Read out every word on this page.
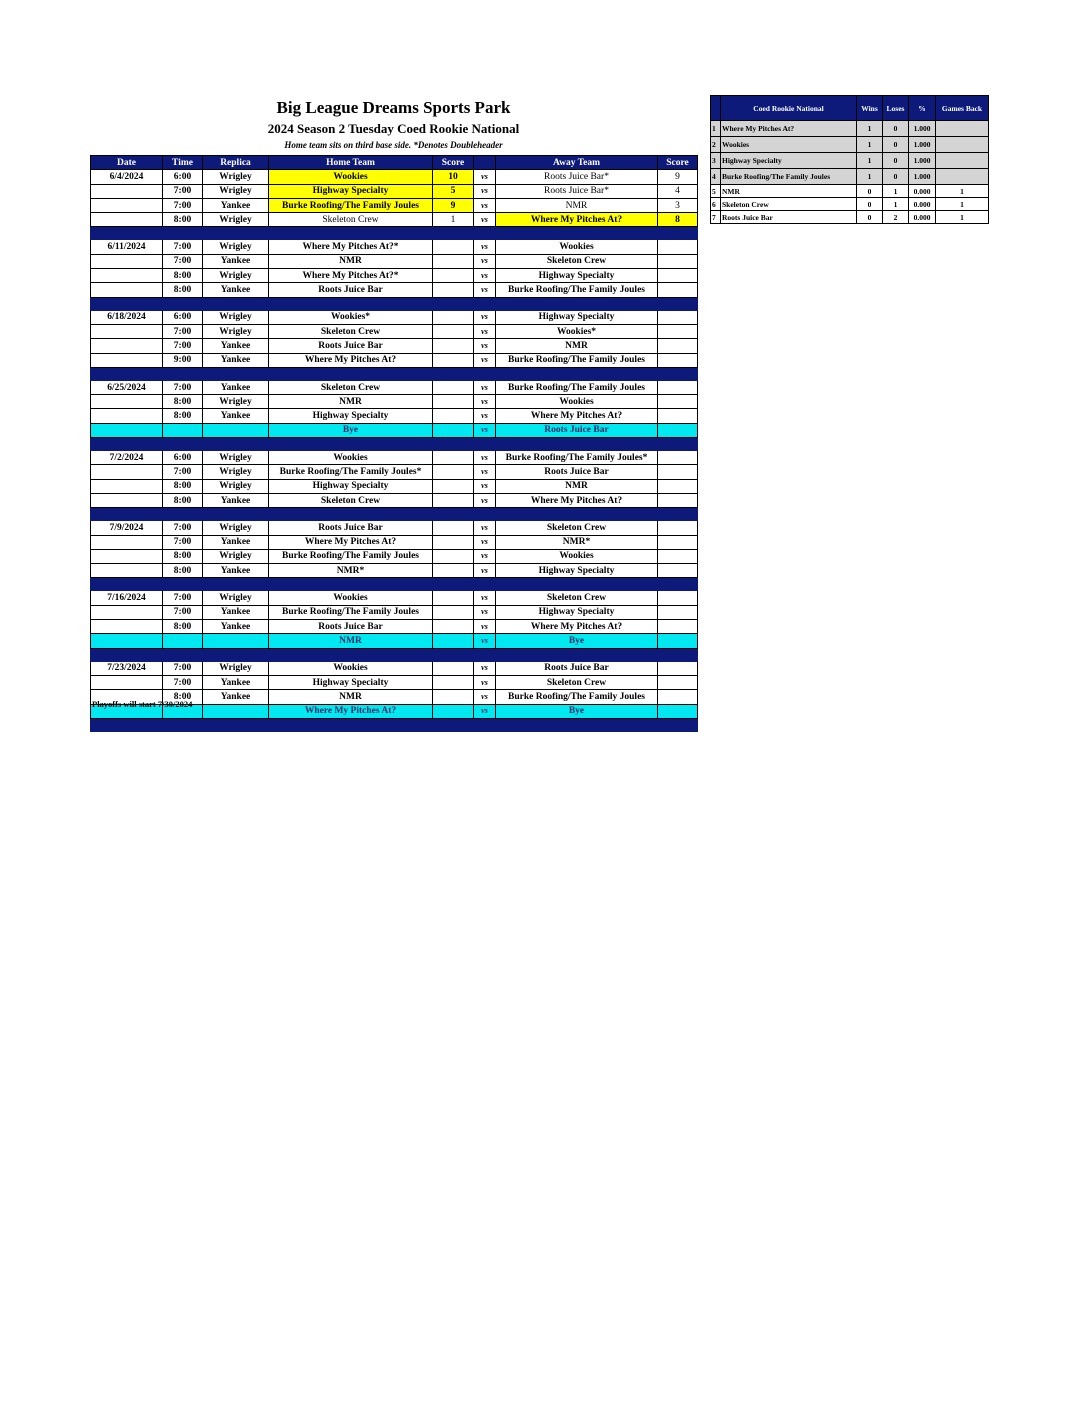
Big League Dreams Sports Park
2024 Season 2 Tuesday Coed Rookie National
Home team sits on third base side. *Denotes Doubleheader
Date	Time	Replica	Home Team	Score		Away Team	Score
6/4/2024	6:00	Wrigley	Wookies	10	vs	Roots Juice Bar*	9
	7:00	Wrigley	Highway Specialty	5	vs	Roots Juice Bar*	4
	7:00	Yankee	Burke Roofing/The Family Joules	9	vs	NMR	3
	8:00	Wrigley	Skeleton Crew	1	vs	Where My Pitches At?	8

6/11/2024	7:00	Wrigley	Where My Pitches At?*		vs	Wookies	
	7:00	Yankee	NMR		vs	Skeleton Crew	
	8:00	Wrigley	Where My Pitches At?*		vs	Highway Specialty	
	8:00	Yankee	Roots Juice Bar		vs	Burke Roofing/The Family Joules	

6/18/2024	6:00	Wrigley	Wookies*		vs	Highway Specialty	
	7:00	Wrigley	Skeleton Crew		vs	Wookies*	
	7:00	Yankee	Roots Juice Bar		vs	NMR	
	9:00	Yankee	Where My Pitches At?		vs	Burke Roofing/The Family Joules	

6/25/2024	7:00	Yankee	Skeleton Crew		vs	Burke Roofing/The Family Joules	
	8:00	Wrigley	NMR		vs	Wookies	
	8:00	Yankee	Highway Specialty		vs	Where My Pitches At?	
			Bye		vs	Roots Juice Bar	

7/2/2024	6:00	Wrigley	Wookies		vs	Burke Roofing/The Family Joules*	
	7:00	Wrigley	Burke Roofing/The Family Joules*		vs	Roots Juice Bar	
	8:00	Wrigley	Highway Specialty		vs	NMR	
	8:00	Yankee	Skeleton Crew		vs	Where My Pitches At?	

7/9/2024	7:00	Wrigley	Roots Juice Bar		vs	Skeleton Crew	
	7:00	Yankee	Where My Pitches At?		vs	NMR*	
	8:00	Wrigley	Burke Roofing/The Family Joules		vs	Wookies	
	8:00	Yankee	NMR*		vs	Highway Specialty	

7/16/2024	7:00	Wrigley	Wookies		vs	Skeleton Crew	
	7:00	Yankee	Burke Roofing/The Family Joules		vs	Highway Specialty	
	8:00	Yankee	Roots Juice Bar		vs	Where My Pitches At?	
			NMR		vs	Bye	

7/23/2024	7:00	Wrigley	Wookies		vs	Roots Juice Bar	
	7:00	Yankee	Highway Specialty		vs	Skeleton Crew	
	8:00	Yankee	NMR		vs	Burke Roofing/The Family Joules	
			Where My Pitches At?		vs	Bye	

	Coed Rookie National	Wins	Loses	%	Games Back
1	Where My Pitches At?	1	0	1.000	
2	Wookies	1	0	1.000	
3	Highway Specialty	1	0	1.000	
4	Burke Roofing/The Family Joules	1	0	1.000	
5	NMR	0	1	0.000	1
6	Skeleton Crew	0	1	0.000	1
7	Roots Juice Bar	0	2	0.000	1
Playoffs will start 7/30/2024
